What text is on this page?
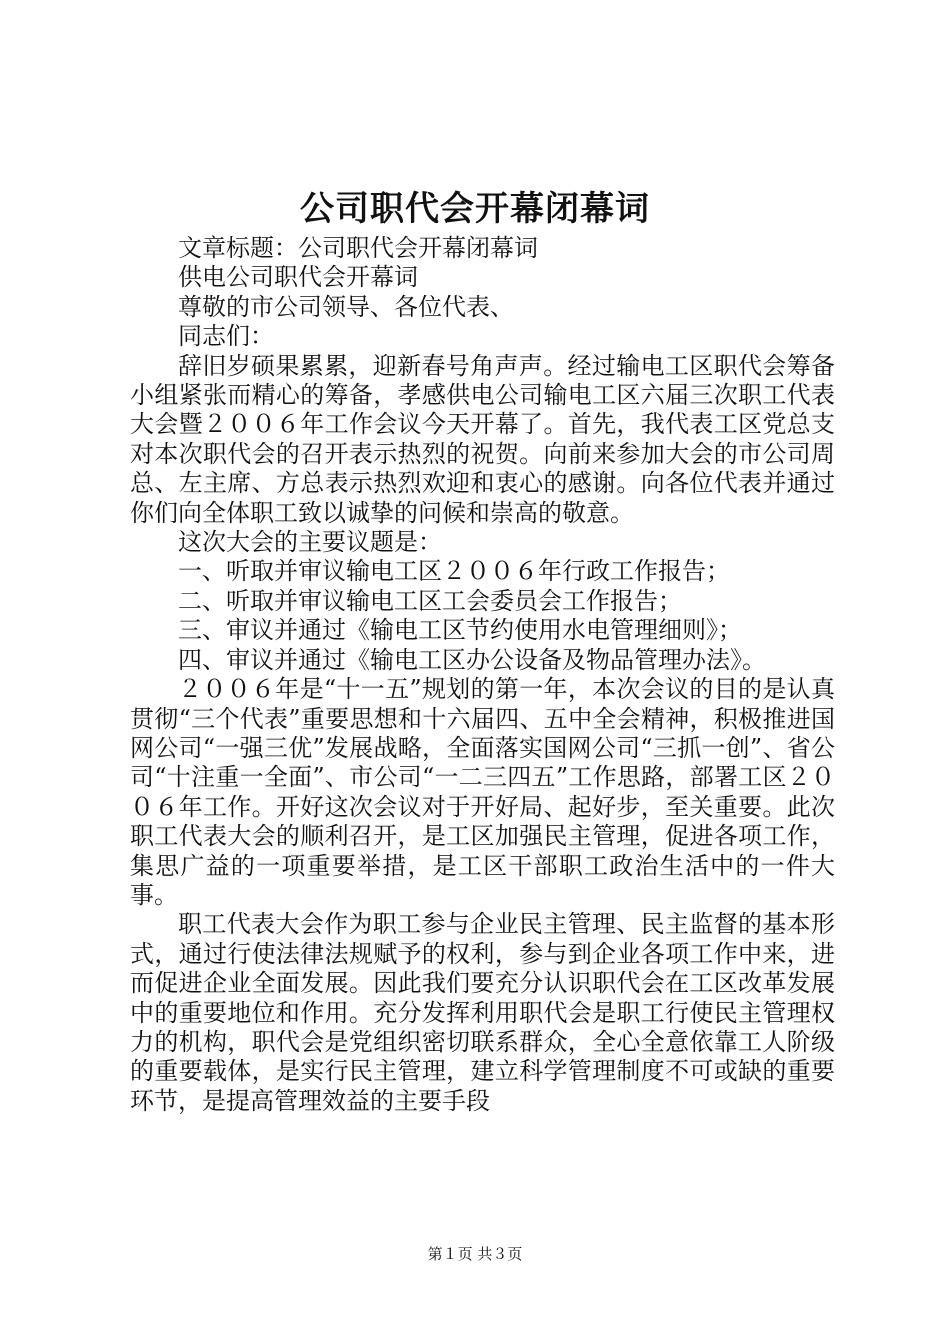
公司职代会开幕闭幕词

文章标题：公司职代会开幕闭幕词

供电公司职代会开幕词

尊敬的市公司领导、各位代表、

同志们：

辞旧岁硕果累累，迎新春号角声声。经过输电工区职代会筹备小组紧张而精心的筹备，孝感供电公司输电工区六届三次职工代表大会暨２００６年工作会议今天开幕了。首先，我代表工区党总支对本次职代会的召开表示热烈的祝贺。向前来参加大会的市公司周总、左主席、方总表示热烈欢迎和衷心的感谢。向各位代表并通过你们向全体职工致以诚挚的问候和崇高的敬意。

这次大会的主要议题是：

一、听取并审议输电工区２００６年行政工作报告；

二、听取并审议输电工区工会委员会工作报告；

三、审议并通过《输电工区节约使用水电管理细则》；

四、审议并通过《输电工区办公设备及物品管理办法》。

２００６年是“十一五”规划的第一年，本次会议的目的是认真贯彻“三个代表”重要思想和十六届四、五中全会精神，积极推进国网公司“一强三优”发展战略，全面落实国网公司“三抓一创”、省公司“十注重一全面”、市公司“一二三四五”工作思路，部署工区２００６年工作。开好这次会议对于开好局、起好步，至关重要。此次职工代表大会的顺利召开，是工区加强民主管理，促进各项工作，集思广益的一项重要举措，是工区干部职工政治生活中的一件大事。

职工代表大会作为职工参与企业民主管理、民主监督的基本形式，通过行使法律法规赋予的权利，参与到企业各项工作中来，进而促进企业全面发展。因此我们要充分认识职代会在工区改革发展中的重要地位和作用。充分发挥利用职代会是职工行使民主管理权力的机构，职代会是党组织密切联系群众，全心全意依靠工人阶级的重要载体，是实行民主管理，建立科学管理制度不可或缺的重要环节，是提高管理效益的主要手段

第１页 共３页
